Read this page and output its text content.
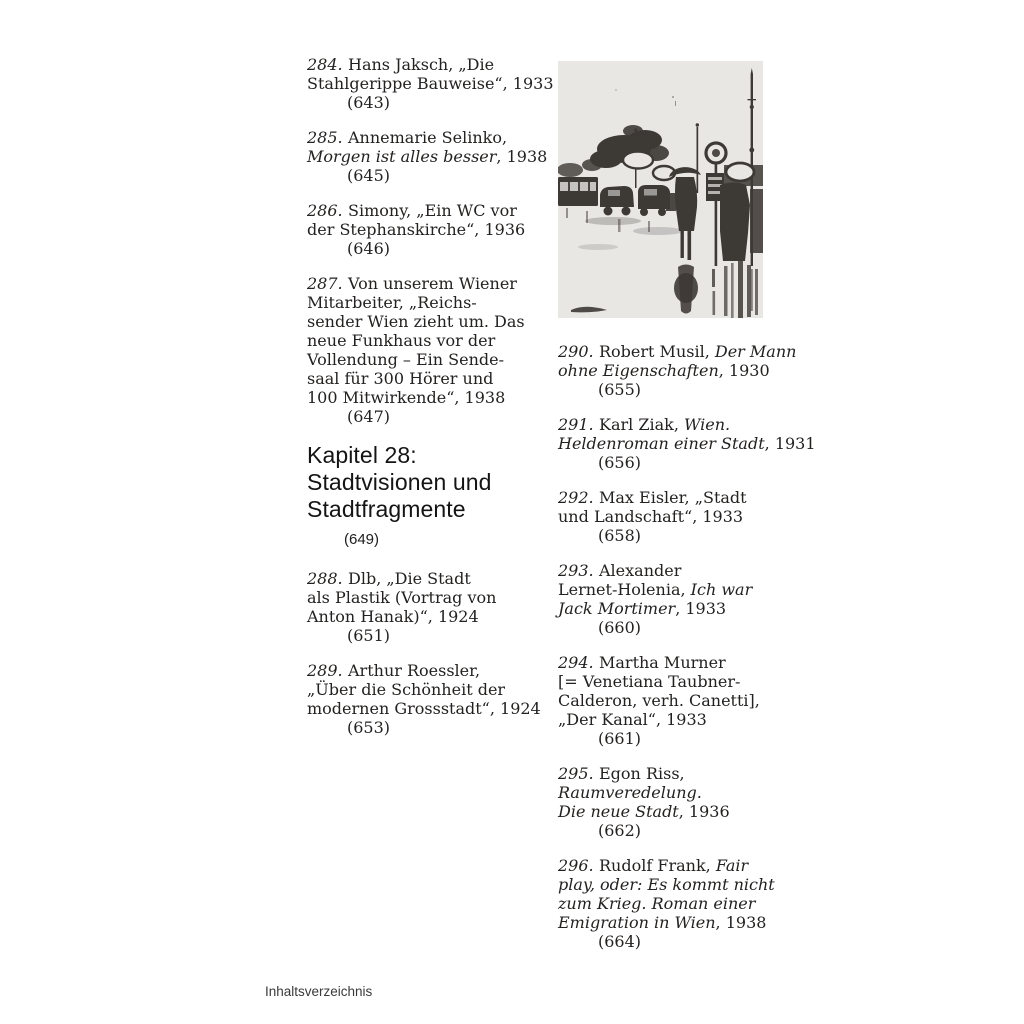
284. Hans Jaksch, „Die
Stahlgerippe Bauweise“, 1933
(643)
285. Annemarie Selinko,
Morgen ist alles besser, 1938
(645)
286. Simony, „Ein WC vor
der Stephanskirche“, 1936
(646)
287. Von unserem Wiener
Mitarbeiter, „Reichs-
sender Wien zieht um. Das
neue Funkhaus vor der
Vollendung – Ein Sende-
saal für 300 Hörer und
100 Mitwirkende“, 1938
(647)
Kapitel 28:
Stadtvisionen und
Stadtfragmente
(649)
288. Dlb, „Die Stadt
als Plastik (Vortrag von
Anton Hanak)“, 1924
(651)
289. Arthur Roessler,
„Über die Schönheit der
modernen Grossstadt“, 1924
(653)
290. Robert Musil, Der Mann
ohne Eigenschaften, 1930
(655)
291. Karl Ziak, Wien.
Heldenroman einer Stadt, 1931
(656)
292. Max Eisler, „Stadt
und Landschaft“, 1933
(658)
293. Alexander
Lernet-Holenia, Ich war
Jack Mortimer, 1933
(660)
294. Martha Murner
[= Venetiana Taubner-
Calderon, verh. Canetti],
„Der Kanal“, 1933
(661)
295. Egon Riss,
Raumveredelung.
Die neue Stadt, 1936
(662)
296. Rudolf Frank, Fair
play, oder: Es kommt nicht
zum Krieg. Roman einer
Emigration in Wien, 1938
(664)
Inhaltsverzeichnis
